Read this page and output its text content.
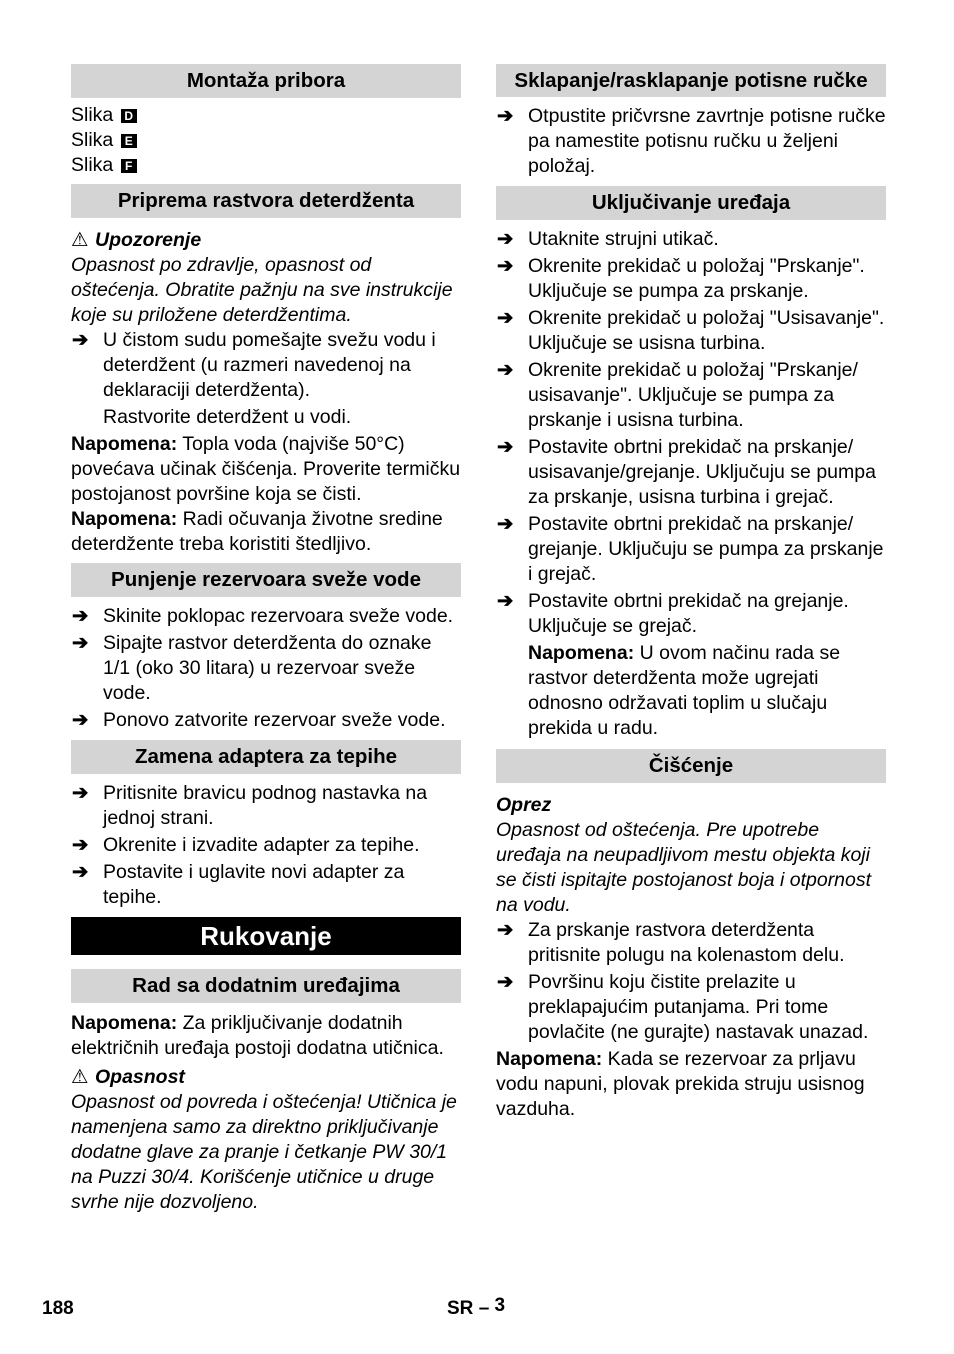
Montaža pribora

Slika D

Slika E

Slika F

Priprema rastvora deterdženta
⚠ Upozorenje

Opasnost po zdravlje, opasnost od oštećenja. Obratite pažnju na sve instrukcije koje su priložene deterdžentima.

➔ U čistom sudu pomešajte svežu vodu i deterdžent (u razmeri navedenoj na deklaraciji deterdženta).
Rastvorite deterdžent u vodi.

Napomena: Topla voda (najviše 50°C) povećava učinak čišćenja. Proverite termičku postojanost površine koja se čisti.

Napomena: Radi očuvanja životne sredine deterdžente treba koristiti štedljivo.

Punjenje rezervoara sveže vode
➔ Skinite poklopac rezervoara sveže vode.
➔ Sipajte rastvor deterdženta do oznake 1/1 (oko 30 litara) u rezervoar sveže vode.
➔ Ponovo zatvorite rezervoar sveže vode.
Zamena adaptera za tepihe
➔ Pritisnite bravicu podnog nastavka na jednoj strani.
➔ Okrenite i izvadite adapter za tepihe.
➔ Postavite i uglavite novi adapter za tepihe.
Rukovanje
Rad sa dodatnim uređajima

Napomena: Za priključivanje dodatnih električnih uređaja postoji dodatna utičnica.

⚠ Opasnost

Opasnost od povreda i oštećenja! Utičnica je namenjena samo za direktno priključivanje dodatne glave za pranje i četkanje PW 30/1 na Puzzi 30/4. Korišćenje utičnice u druge svrhe nije dozvoljeno.

Sklapanje/rasklapanje potisne ručke
➔ Otpustite pričvrsne zavrtnje potisne ručke pa namestite potisnu ručku u željeni položaj.
Uključivanje uređaja
➔ Utaknite strujni utikač.
➔ Okrenite prekidač u položaj "Prskanje". Uključuje se pumpa za prskanje.
➔ Okrenite prekidač u položaj "Usisavanje". Uključuje se usisna turbina.
➔ Okrenite prekidač u položaj "Prskanje/ usisavanje". Uključuje se pumpa za prskanje i usisna turbina.
➔ Postavite obrtni prekidač na prskanje/ usisavanje/grejanje. Uključuju se pumpa za prskanje, usisna turbina i grejač.
➔ Postavite obrtni prekidač na prskanje/ grejanje. Uključuju se pumpa za prskanje i grejač.
➔ Postavite obrtni prekidač na grejanje. Uključuje se grejač.
Napomena: U ovom načinu rada se rastvor deterdženta može ugrejati odnosno održavati toplim u slučaju prekida u radu.
Čišćenje
Oprez

Opasnost od oštećenja. Pre upotrebe uređaja na neupadljivom mestu objekta koji se čisti ispitajte postojanost boja i otpornost na vodu.

➔ Za prskanje rastvora deterdženta pritisnite polugu na kolenastom delu.
➔ Površinu koju čistite prelazite u preklapajućim putanjama. Pri tome povlačite (ne gurajte) nastavak unazad.

Napomena: Kada se rezervoar za prljavu vodu napuni, plovak prekida struju usisnog vazduha.

188	SR – 3
